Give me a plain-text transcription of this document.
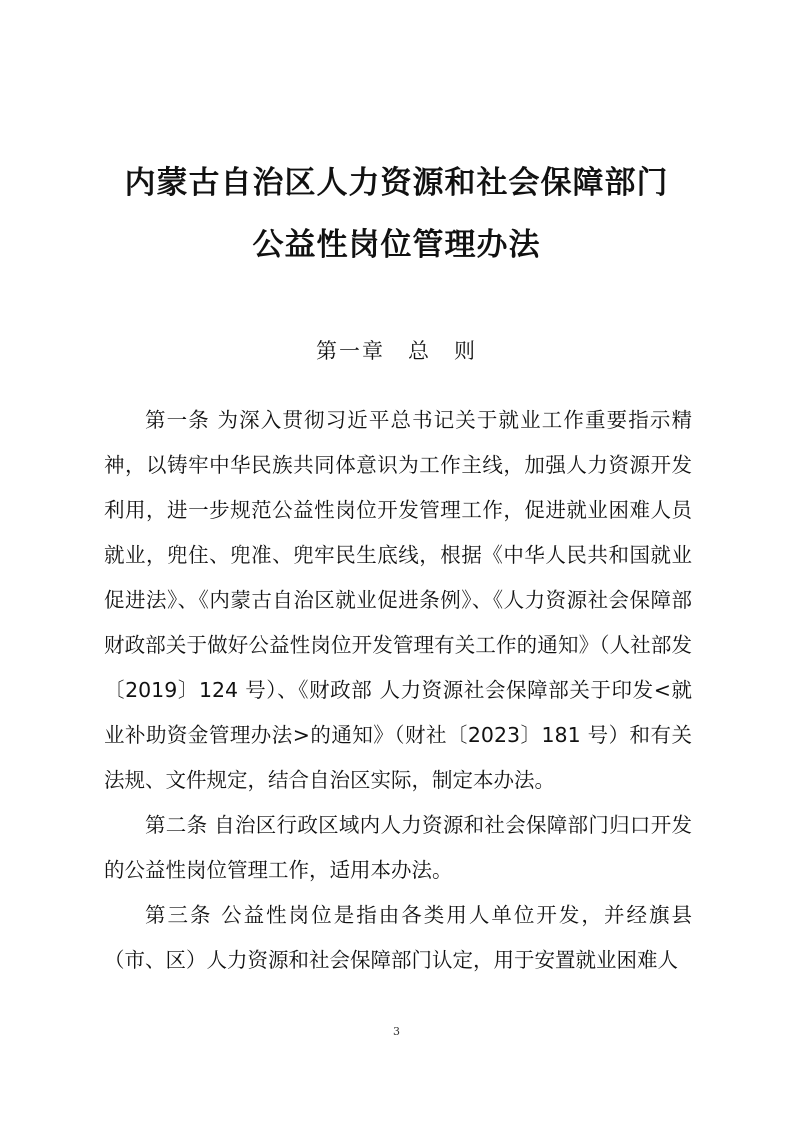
内蒙古自治区人力资源和社会保障部门
公益性岗位管理办法
第一章　总　则

第一条 为深入贯彻习近平总书记关于就业工作重要指示精神，以铸牢中华民族共同体意识为工作主线，加强人力资源开发利用，进一步规范公益性岗位开发管理工作，促进就业困难人员就业，兜住、兜准、兜牢民生底线，根据《中华人民共和国就业促进法》、《内蒙古自治区就业促进条例》、《人力资源社会保障部财政部关于做好公益性岗位开发管理有关工作的通知》（人社部发〔2019〕124 号）、《财政部 人力资源社会保障部关于印发<就业补助资金管理办法>的通知》（财社〔2023〕181 号）和有关法规、文件规定，结合自治区实际，制定本办法。

第二条 自治区行政区域内人力资源和社会保障部门归口开发的公益性岗位管理工作，适用本办法。

第三条 公益性岗位是指由各类用人单位开发，并经旗县（市、区）人力资源和社会保障部门认定，用于安置就业困难人

3
